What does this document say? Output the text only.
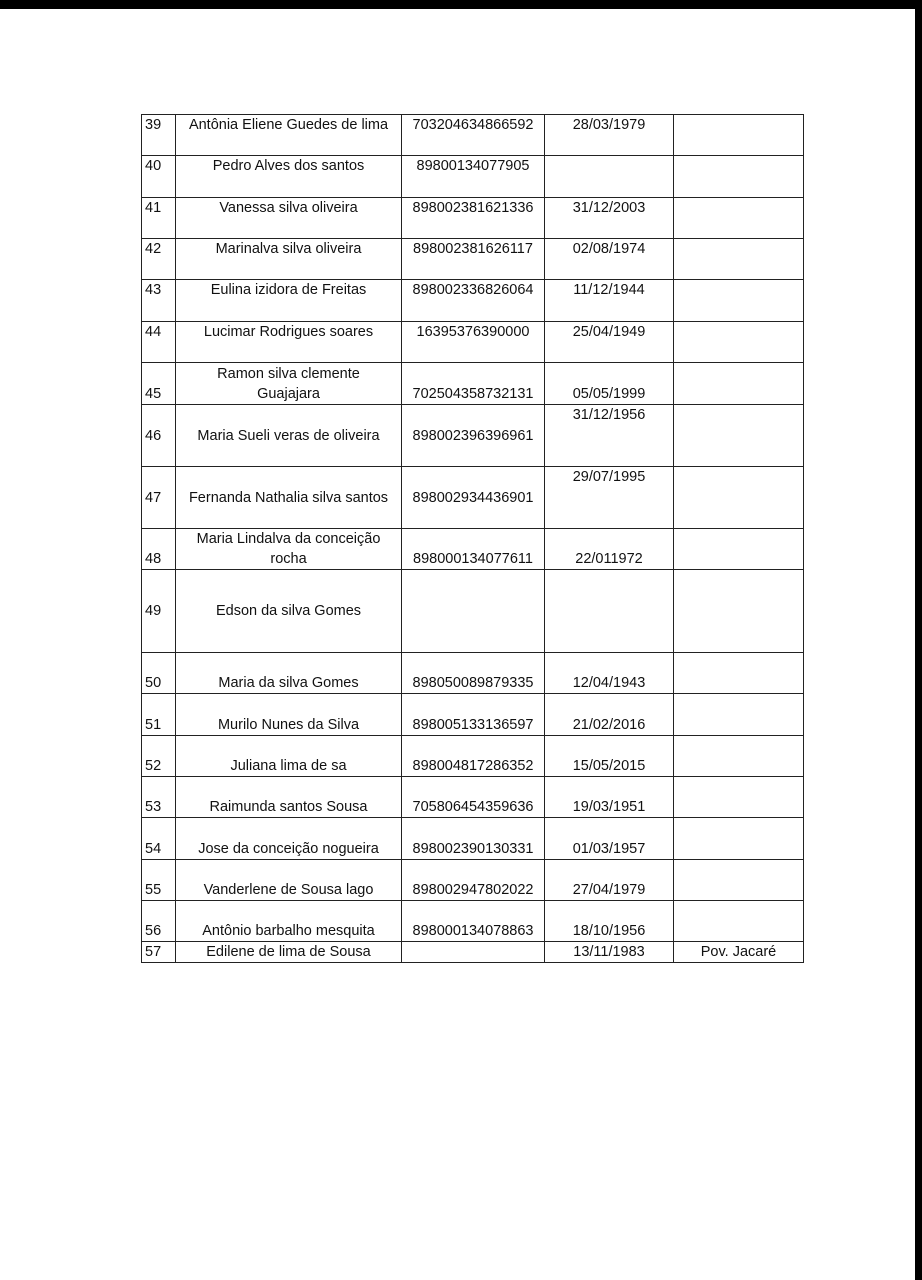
39	Antônia Eliene Guedes de lima	703204634866592	28/03/1979	
40	Pedro Alves dos santos	89800134077905		
41	Vanessa silva oliveira	898002381621336	31/12/2003	
42	Marinalva silva oliveira	898002381626117	02/08/1974	
43	Eulina izidora de Freitas	898002336826064	11/12/1944	
44	Lucimar Rodrigues soares	16395376390000	25/04/1949	
45	Ramon silva clemente
Guajajara	702504358732131	05/05/1999	
46	Maria Sueli veras de oliveira	898002396396961	31/12/1956	
47	Fernanda Nathalia silva santos	898002934436901	29/07/1995	
48	Maria Lindalva da conceição
rocha	898000134077611	22/011972	
49	Edson da silva Gomes			

50	Maria da silva Gomes	898050089879335	12/04/1943	
51	Murilo Nunes da Silva	898005133136597	21/02/2016	
52	Juliana lima de sa	898004817286352	15/05/2015	
53	Raimunda santos Sousa	705806454359636	19/03/1951	
54	Jose da conceição nogueira	898002390130331	01/03/1957	
55	Vanderlene de Sousa lago	898002947802022	27/04/1979	
56	Antônio barbalho mesquita	898000134078863	18/10/1956	
57	Edilene de lima de Sousa		13/11/1983	Pov. Jacaré
